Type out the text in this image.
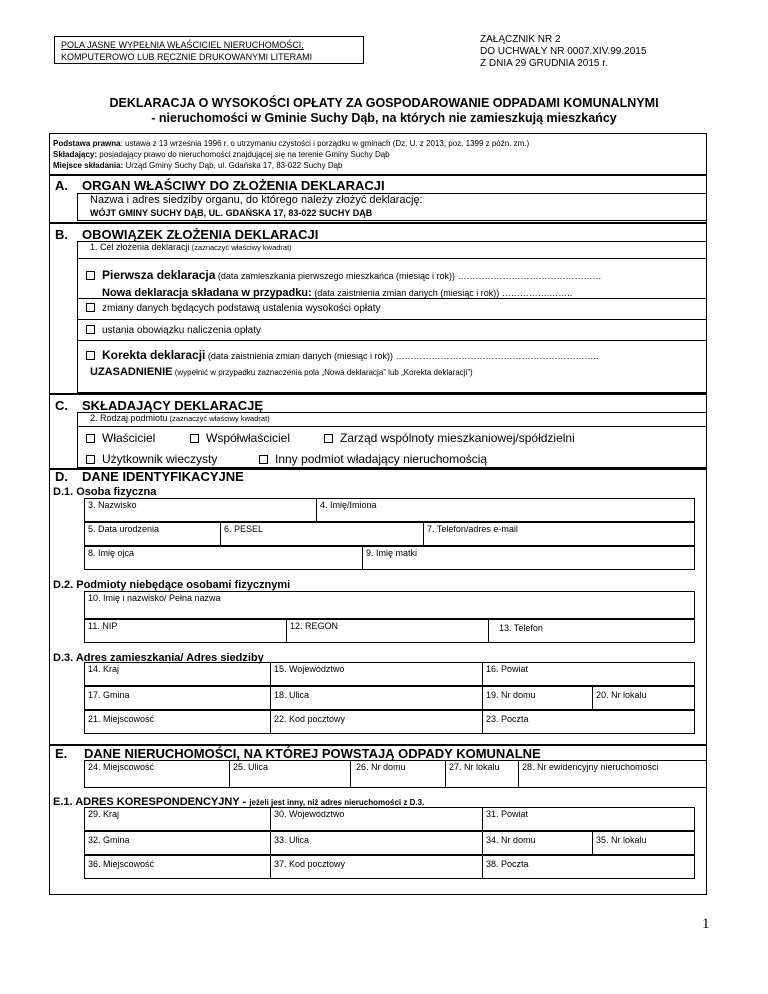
POLA JASNE WYPEŁNIA WŁAŚCICIEL NIERUCHOMOŚCI,
KOMPUTEROWO LUB RĘCZNIE DRUKOWANYMI LITERAMI
ZAŁĄCZNIK NR 2
DO UCHWAŁY NR 0007.XIV.99.2015
Z DNIA 29 GRUDNIA 2015 r.
DEKLARACJA O WYSOKOŚCI OPŁATY ZA GOSPODAROWANIE ODPADAMI KOMUNALNYMI
- nieruchomości w Gminie Suchy Dąb, na których nie zamieszkują mieszkańcy
Podstawa prawna: ustawa z 13 września 1996 r. o utrzymaniu czystości i porządku w gminach (Dz. U. z 2013, poz. 1399 z późn. zm.)
Składający: posiadający prawo do nieruchomości znajdującej się na terenie Gminy Suchy Dąb
Miejsce składania: Urząd Gminy Suchy Dąb, ul. Gdańska 17, 83-022 Suchy Dąb
A. ORGAN WŁAŚCIWY DO ZŁOŻENIA DEKLARACJI
Nazwa i adres siedziby organu, do którego należy złożyć deklarację:
WÓJT GMINY SUCHY DĄB, UL. GDAŃSKA 17, 83-022 SUCHY DĄB
B. OBOWIĄZEK ZŁOŻENIA DEKLARACJI
1. Cel złożenia deklaracji (zaznaczyć właściwy kwadrat)
Pierwsza deklaracja (data zamieszkania pierwszego mieszkańca (miesiąc i rok)) …………………………………………
Nowa deklaracja składana w przypadku: (data zaistnienia zmian danych (miesiąc i rok)) …………….……..
zmiany danych będących podstawą ustalenia wysokości opłaty
ustania obowiązku naliczenia opłaty
Korekta deklaracji (data zaistnienia zmian danych (miesiąc i rok)) …………………………………………………………..
UZASADNIENIE (wypełnić w przypadku zaznaczenia pola „Nowa deklaracja” lub „Korekta deklaracji”)
C. SKŁADAJĄCY DEKLARACJĘ
2. Rodzaj podmiotu (zaznaczyć właściwy kwadrat)
Właściciel	Współwłaściciel	Zarząd wspólnoty mieszkaniowej/spółdzielni
Użytkownik wieczysty	Inny podmiot władający nieruchomością
D. DANE IDENTYFIKACYJNE
D.1. Osoba fizyczna
3. Nazwisko	4. Imię/Imiona
5. Data urodzenia	6. PESEL	7. Telefon/adres e-mail
8. Imię ojca	9. Imię matki
D.2. Podmioty niebędące osobami fizycznymi
10. Imię i nazwisko/ Pełna nazwa
11. NIP	12. REGON	13. Telefon
D.3. Adres zamieszkania/ Adres siedziby
14. Kraj	15. Województwo	16. Powiat
17. Gmina	18. Ulica	19. Nr domu	20. Nr lokalu
21. Miejscowość	22. Kod pocztowy	23. Poczta
E. DANE NIERUCHOMOŚCI, NA KTÓREJ POWSTAJĄ ODPADY KOMUNALNE
24. Miejscowość	25. Ulica	26. Nr domu	27. Nr lokalu	28. Nr ewidencyjny nieruchomości
E.1. ADRES KORESPONDENCYJNY - jeżeli jest inny, niż adres nieruchomości z D.3.
29. Kraj	30. Województwo	31. Powiat
32. Gmina	33. Ulica	34. Nr domu	35. Nr lokalu
36. Miejscowość	37. Kod pocztowy	38. Poczta
1
